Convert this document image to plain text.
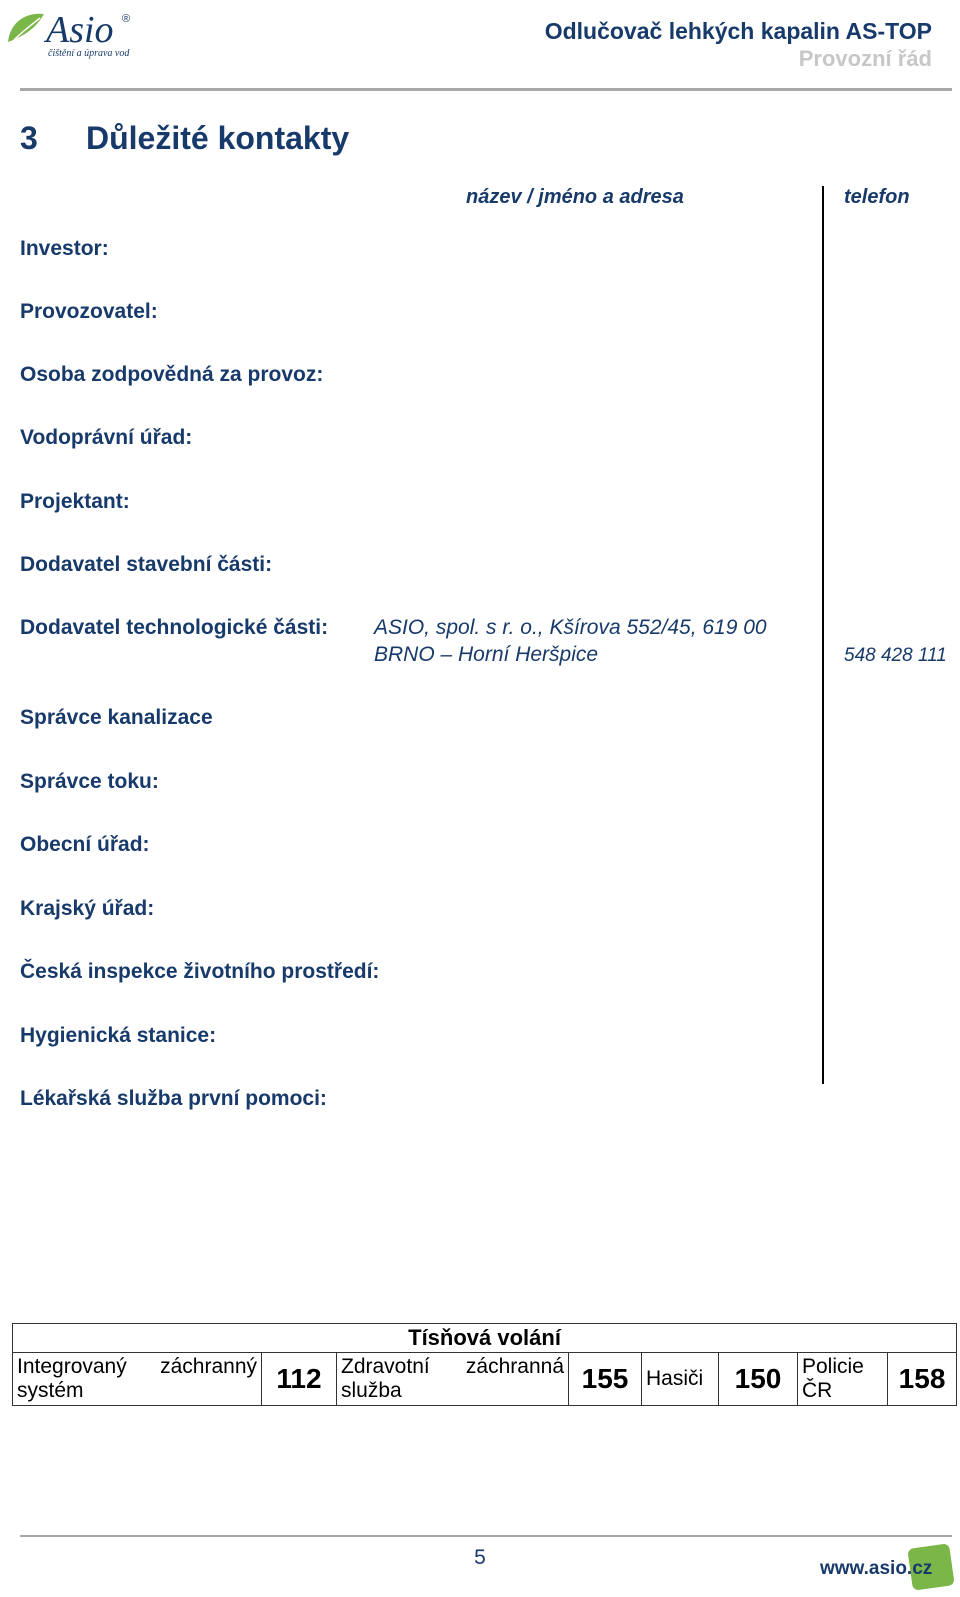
Asio ®
čištění a úprava vod
Odlučovač lehkých kapalin AS-TOP
Provozní řád
3 Důležité kontakty
název / jméno a adresa	telefon
Investor:
Provozovatel:
Osoba zodpovědná za provoz:
Vodoprávní úřad:
Projektant:
Dodavatel stavební části:
Dodavatel technologické části: ASIO, spol. s r. o., Kšírova 552/45, 619 00
BRNO – Horní Heršpice	548 428 111
Správce kanalizace
Správce toku:
Obecní úřad:
Krajský úřad:
Česká inspekce životního prostředí:
Hygienická stanice:
Lékařská služba první pomoci:
Tísňová volání
Integrovaný záchranný systém	112	Zdravotní záchranná služba	155	Hasiči	150	Policie ČR	158
5	www.asio.cz
